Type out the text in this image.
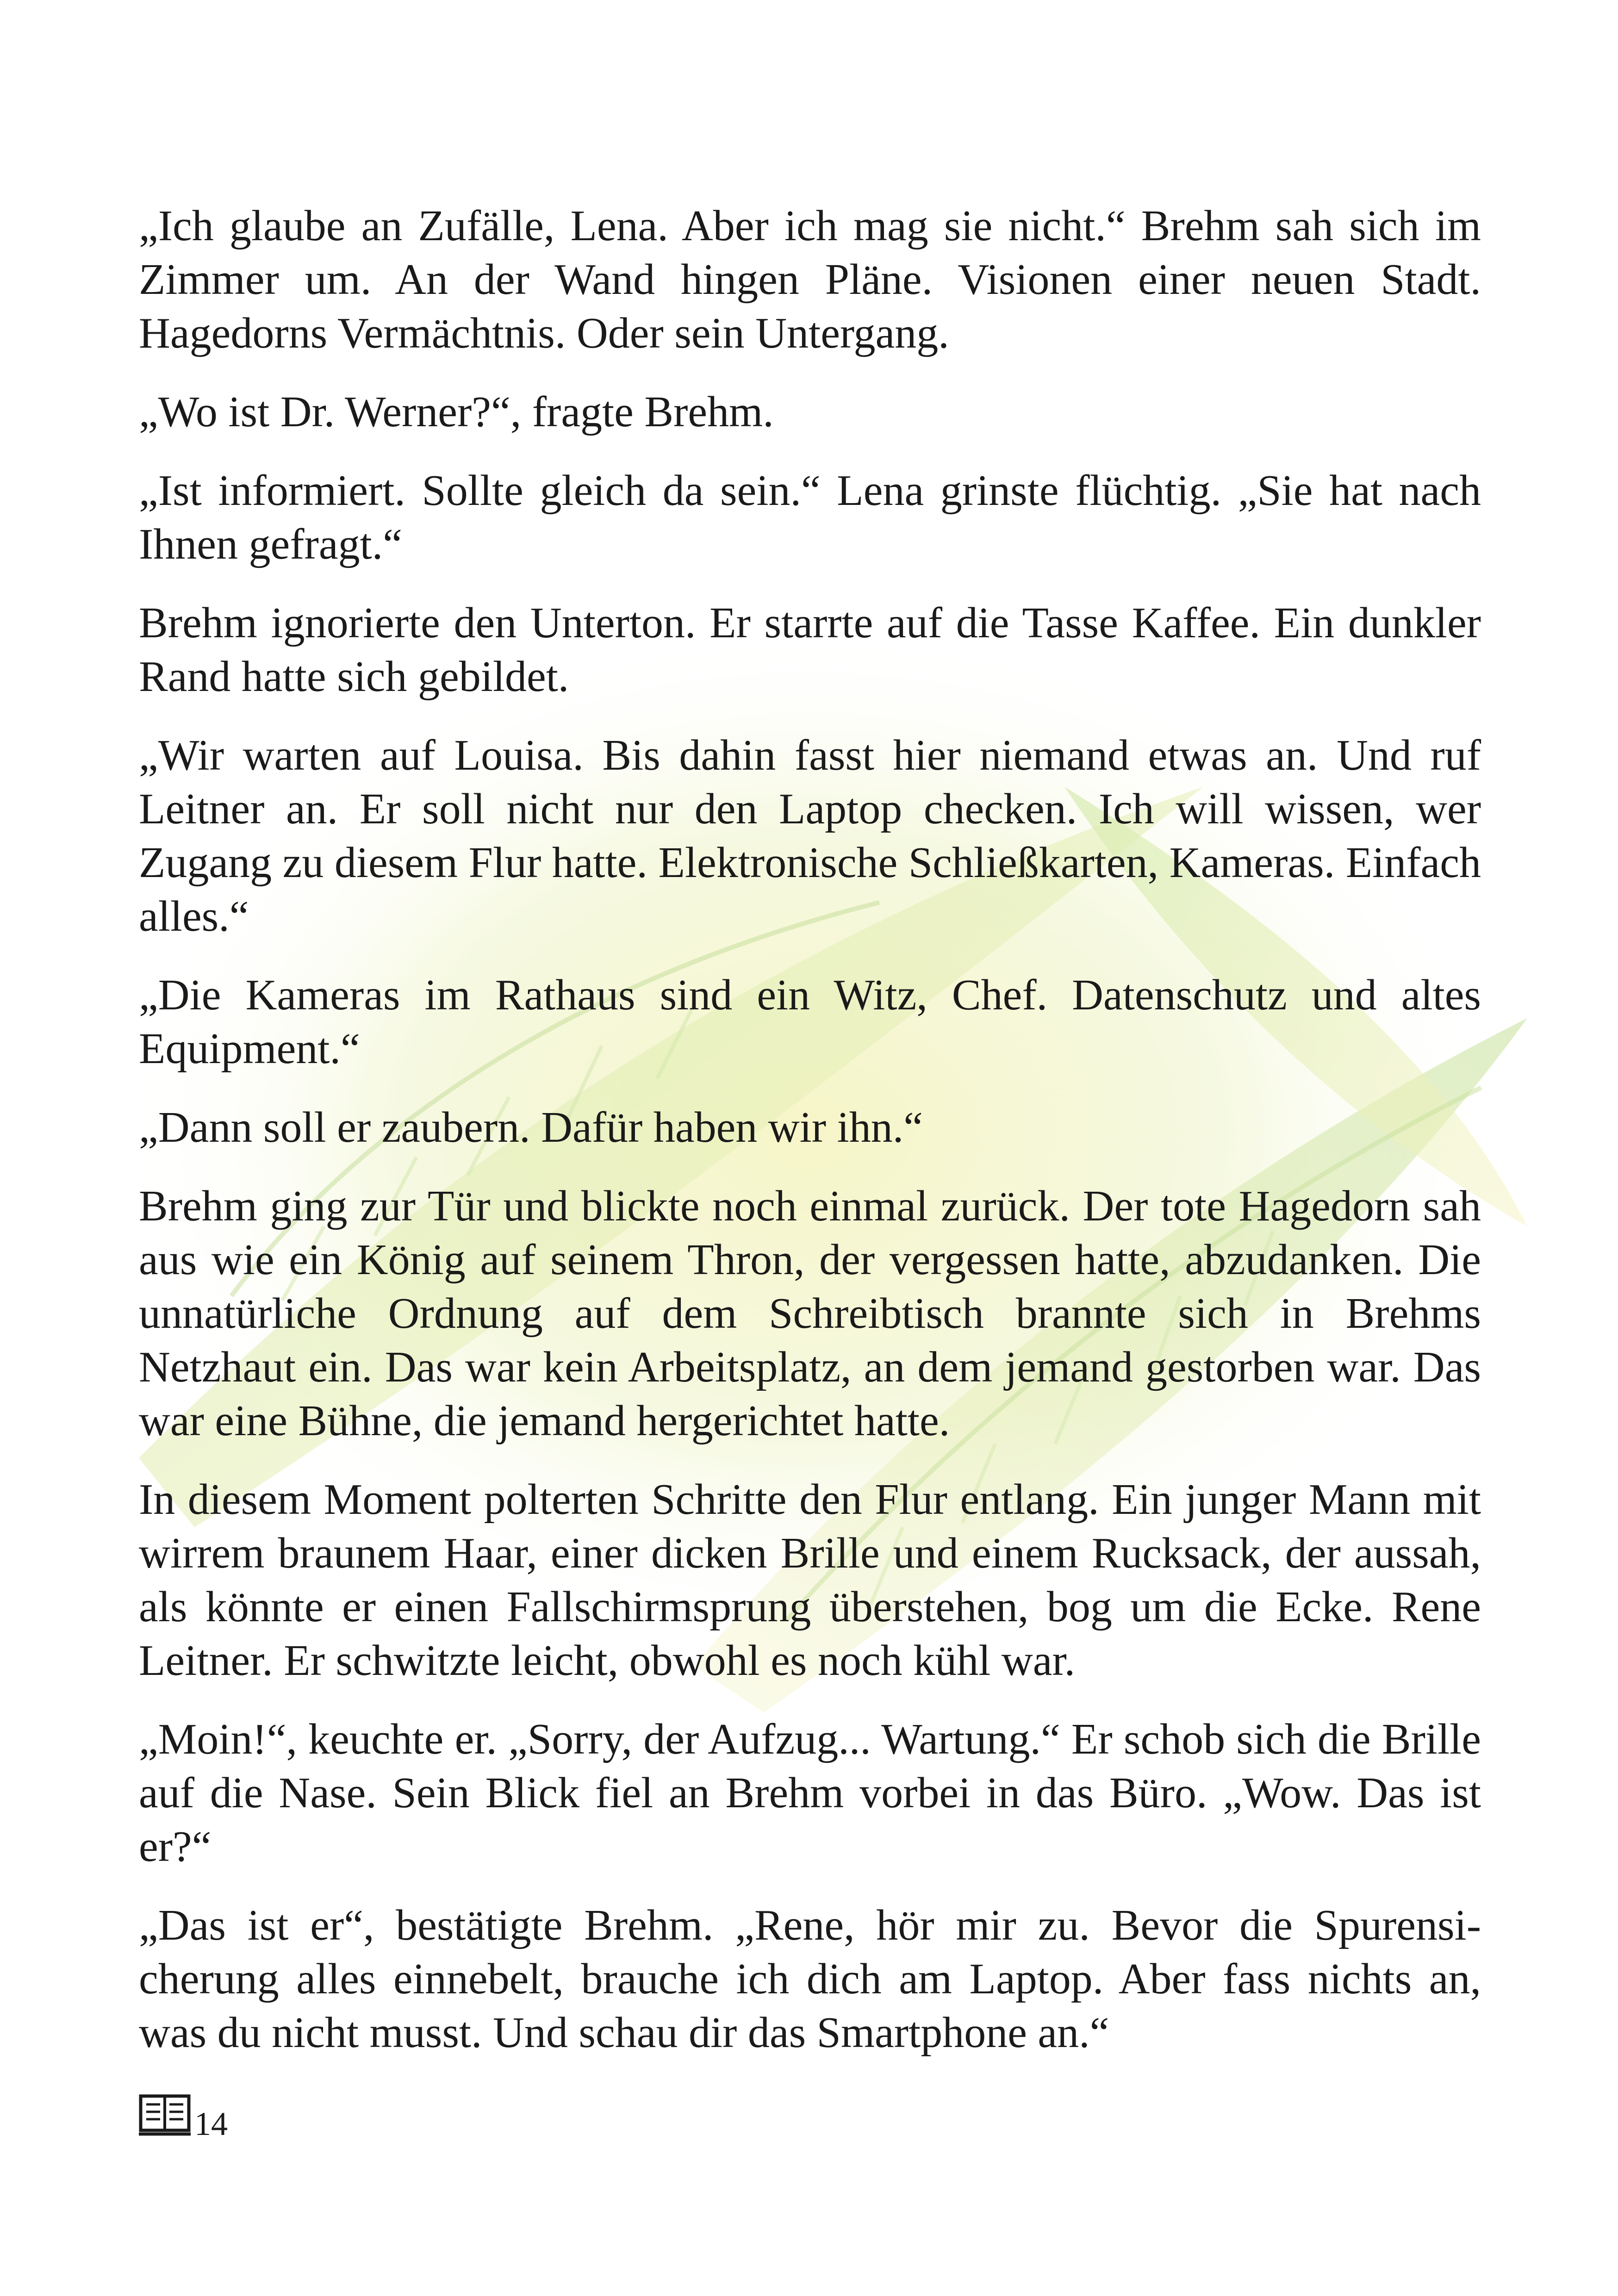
„Ich glaube an Zufälle, Lena. Aber ich mag sie nicht.“ Brehm sah sich im Zimmer um. An der Wand hingen Pläne. Visionen einer neuen Stadt. Hagedorns Vermächtnis. Oder sein Untergang.

„Wo ist Dr. Werner?“, fragte Brehm.

„Ist informiert. Sollte gleich da sein.“ Lena grinste flüchtig. „Sie hat nach Ihnen gefragt.“

Brehm ignorierte den Unterton. Er starrte auf die Tasse Kaffee. Ein dunkler Rand hatte sich gebildet.

„Wir warten auf Louisa. Bis dahin fasst hier niemand etwas an. Und ruf Leitner an. Er soll nicht nur den Laptop checken. Ich will wissen, wer Zugang zu diesem Flur hatte. Elektronische Schließkarten, Kameras. Einfach alles.“

„Die Kameras im Rathaus sind ein Witz, Chef. Datenschutz und altes Equipment.“

„Dann soll er zaubern. Dafür haben wir ihn.“

Brehm ging zur Tür und blickte noch einmal zurück. Der tote Hagedorn sah aus wie ein König auf seinem Thron, der vergessen hatte, abzudanken. Die unnatürliche Ordnung auf dem Schreibtisch brannte sich in Brehms Netzhaut ein. Das war kein Arbeitsplatz, an dem jemand gestorben war. Das war eine Bühne, die jemand hergerichtet hatte.

In diesem Moment polterten Schritte den Flur entlang. Ein junger Mann mit wirrem braunem Haar, einer dicken Brille und einem Rucksack, der aussah, als könnte er einen Fallschirmsprung überstehen, bog um die Ecke. Rene Leitner. Er schwitzte leicht, obwohl es noch kühl war.

„Moin!“, keuchte er. „Sorry, der Aufzug... Wartung.“ Er schob sich die Brille auf die Nase. Sein Blick fiel an Brehm vorbei in das Büro. „Wow. Das ist er?“

„Das ist er“, bestätigte Brehm. „Rene, hör mir zu. Bevor die Spurensicherung alles einnebelt, brauche ich dich am Laptop. Aber fass nichts an, was du nicht musst. Und schau dir das Smartphone an.“

14
